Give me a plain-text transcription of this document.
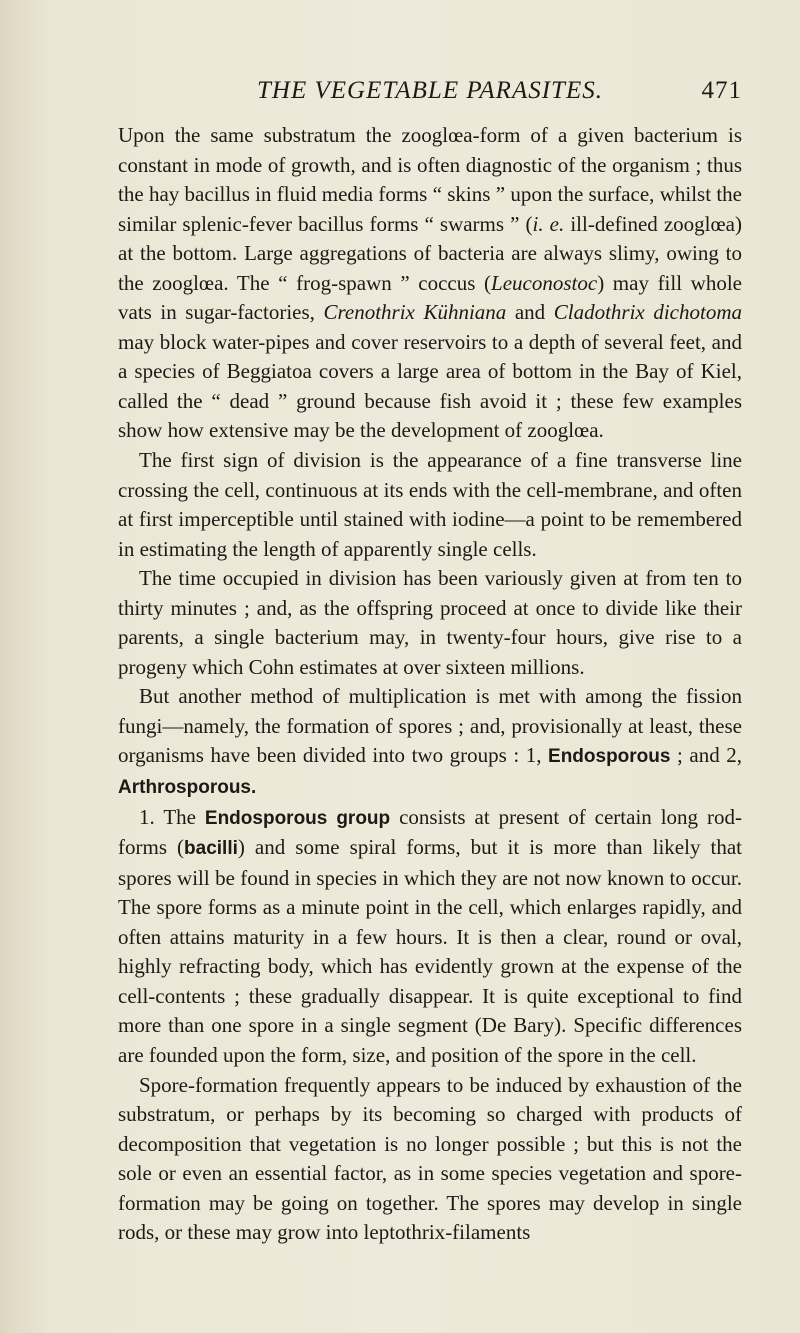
THE VEGETABLE PARASITES.	471

Upon the same substratum the zooglœa-form of a given bacterium is constant in mode of growth, and is often diagnostic of the organism ; thus the hay bacillus in fluid media forms “ skins ” upon the surface, whilst the similar splenic-fever bacillus forms “ swarms ” (i. e. ill-defined zooglœa) at the bottom. Large aggregations of bacteria are always slimy, owing to the zooglœa. The “ frog-spawn ” coccus (Leuconostoc) may fill whole vats in sugar-factories, Crenothrix Kühniana and Cladothrix dichotoma may block water-pipes and cover reservoirs to a depth of several feet, and a species of Beggiatoa covers a large area of bottom in the Bay of Kiel, called the “ dead ” ground because fish avoid it ; these few examples show how extensive may be the development of zooglœa.

The first sign of division is the appearance of a fine transverse line crossing the cell, continuous at its ends with the cell-membrane, and often at first imperceptible until stained with iodine—a point to be remembered in estimating the length of apparently single cells.

The time occupied in division has been variously given at from ten to thirty minutes ; and, as the offspring proceed at once to divide like their parents, a single bacterium may, in twenty-four hours, give rise to a progeny which Cohn estimates at over sixteen millions.

But another method of multiplication is met with among the fission fungi—namely, the formation of spores ; and, provisionally at least, these organisms have been divided into two groups : 1, Endosporous ; and 2, Arthrosporous.

1. The Endosporous group consists at present of certain long rod-forms (bacilli) and some spiral forms, but it is more than likely that spores will be found in species in which they are not now known to occur. The spore forms as a minute point in the cell, which enlarges rapidly, and often attains maturity in a few hours. It is then a clear, round or oval, highly refracting body, which has evidently grown at the expense of the cell-contents ; these gradually disappear. It is quite exceptional to find more than one spore in a single segment (De Bary). Specific differences are founded upon the form, size, and position of the spore in the cell.

Spore-formation frequently appears to be induced by exhaustion of the substratum, or perhaps by its becoming so charged with products of decomposition that vegetation is no longer possible ; but this is not the sole or even an essential factor, as in some species vegetation and spore-formation may be going on together. The spores may develop in single rods, or these may grow into leptothrix-filaments
